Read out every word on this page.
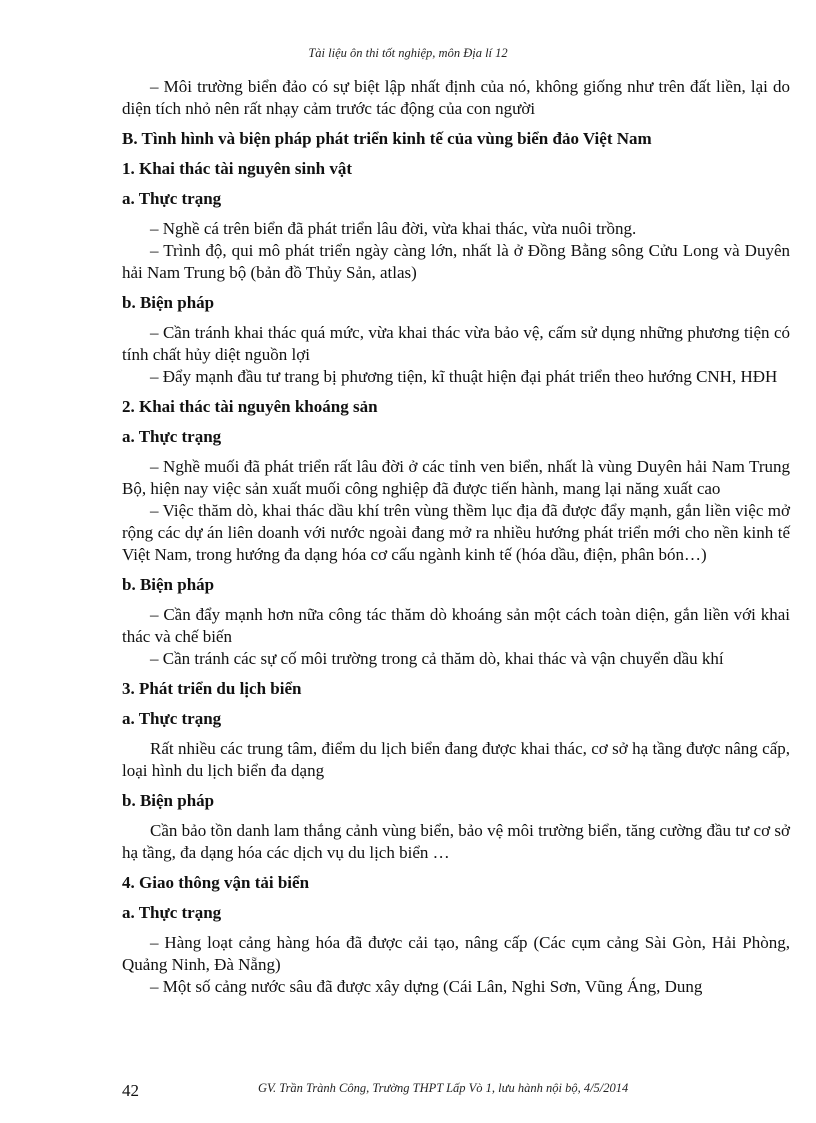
Tài liệu ôn thi tốt nghiệp, môn Địa lí 12

– Môi trường biển đảo có sự biệt lập nhất định của nó, không giống như trên đất liền, lại do diện tích nhỏ nên rất nhạy cảm trước tác động của con người

B. Tình hình và biện pháp phát triển kinh tế của vùng biển đảo Việt Nam

1. Khai thác tài nguyên sinh vật

a. Thực trạng

– Nghề cá trên biển đã phát triển lâu đời, vừa khai thác, vừa nuôi trồng.

– Trình độ, qui mô phát triển ngày càng lớn, nhất là ở Đồng Bằng sông Cửu Long và Duyên hải Nam Trung bộ (bản đồ Thủy Sản, atlas)

b. Biện pháp

– Cần tránh khai thác quá mức, vừa khai thác vừa bảo vệ, cấm sử dụng những phương tiện có tính chất hủy diệt nguồn lợi

– Đẩy mạnh đầu tư trang bị phương tiện, kĩ thuật hiện đại phát triển theo hướng CNH, HĐH

2. Khai thác tài nguyên khoáng sản

a. Thực trạng

– Nghề muối đã phát triển rất lâu đời ở các tỉnh ven biển, nhất là vùng Duyên hải Nam Trung Bộ, hiện nay việc sản xuất muối công nghiệp đã được tiến hành, mang lại năng xuất cao

– Việc thăm dò, khai thác dầu khí trên vùng thềm lục địa đã được đẩy mạnh, gắn liền việc mở rộng các dự án liên doanh với nước ngoài đang mở ra nhiều hướng phát triển mới cho nền kinh tế Việt Nam, trong hướng đa dạng hóa cơ cấu ngành kinh tế (hóa dầu, điện, phân bón…)

b. Biện pháp

– Cần đẩy mạnh hơn nữa công tác thăm dò khoáng sản một cách toàn diện, gắn liền với khai thác và chế biến

– Cần tránh các sự cố môi trường trong cả thăm dò, khai thác và vận chuyển dầu khí

3. Phát triển du lịch biển

a. Thực trạng

Rất nhiều các trung tâm, điểm du lịch biển đang được khai thác, cơ sở hạ tầng được nâng cấp, loại hình du lịch biển đa dạng

b. Biện pháp

Cần bảo tồn danh lam thắng cảnh vùng biển, bảo vệ môi trường biển, tăng cường đầu tư cơ sở hạ tầng, đa dạng hóa các dịch vụ du lịch biển …

4. Giao thông vận tải biển

a. Thực trạng

– Hàng loạt cảng hàng hóa đã được cải tạo, nâng cấp (Các cụm cảng Sài Gòn, Hải Phòng, Quảng Ninh, Đà Nẵng)

– Một số cảng nước sâu đã được xây dựng (Cái Lân, Nghi Sơn, Vũng Áng, Dung

42	GV. Trần Trành Công, Trường THPT Lấp Vò 1, lưu hành nội bộ, 4/5/2014
